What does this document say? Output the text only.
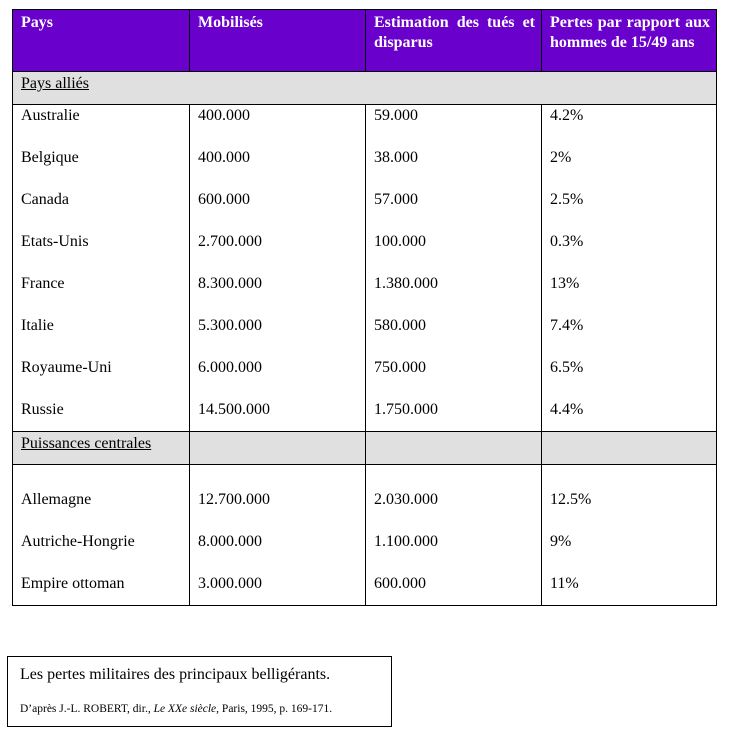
Pays	Mobilisés	Estimation des tués et disparus	Pertes par rapport aux hommes de 15/49 ans
Pays alliés			
Australie	400.000	59.000	4.2%
Belgique	400.000	38.000	2%
Canada	600.000	57.000	2.5%
Etats-Unis	2.700.000	100.000	0.3%
France	8.300.000	1.380.000	13%
Italie	5.300.000	580.000	7.4%
Royaume-Uni	6.000.000	750.000	6.5%
Russie	14.500.000	1.750.000	4.4%
Puissances centrales			

Allemagne	12.700.000	2.030.000	12.5%
Autriche-Hongrie	8.000.000	1.100.000	9%
Empire ottoman	3.000.000	600.000	11%
Les pertes militaires des principaux belligérants.
D’après J.-L. ROBERT, dir., Le XXe siècle, Paris, 1995, p. 169-171.
